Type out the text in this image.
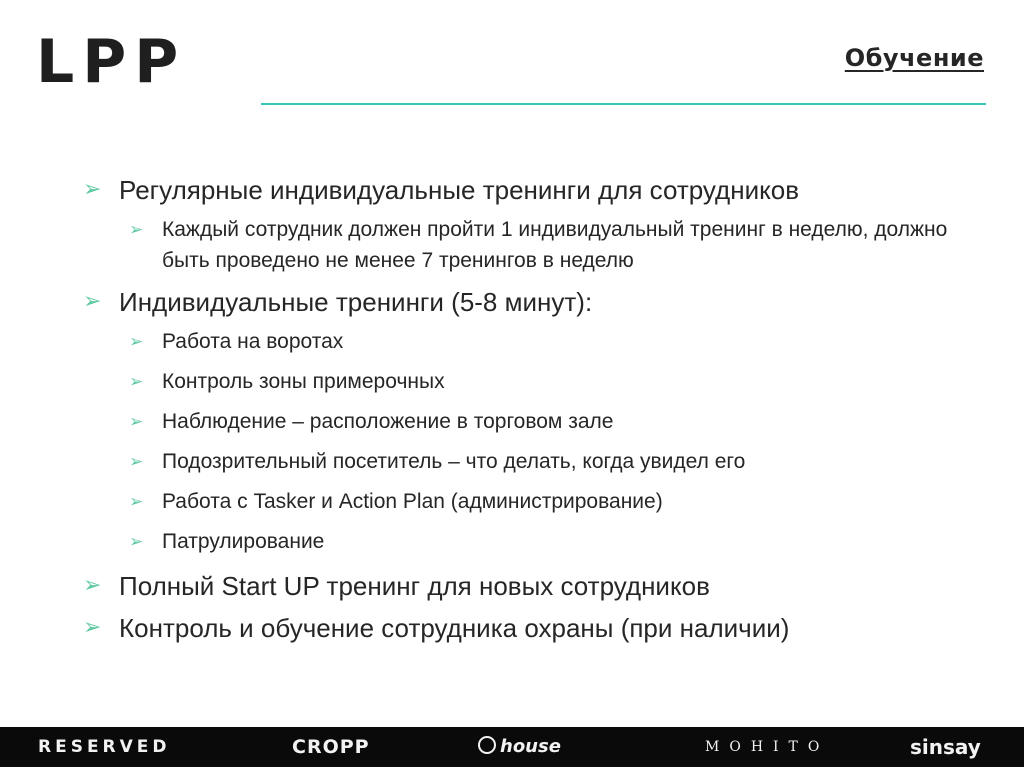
LPP	Обучение
➢ Регулярные индивидуальные тренинги для сотрудников
➢ Каждый сотрудник должен пройти 1 индивидуальный тренинг в неделю, должно быть проведено не менее 7 тренингов в неделю
➢ Индивидуальные тренинги (5-8 минут):
➢ Работа на воротах
➢ Контроль зоны примерочных
➢ Наблюдение – расположение в торговом зале
➢ Подозрительный посетитель – что делать, когда увидел его
➢ Работа с Tasker и Action Plan (администрирование)
➢ Патрулирование
➢ Полный Start UP тренинг для новых сотрудников
➢ Контроль и обучение сотрудника охраны (при наличии)
RESERVED	CROPP	house	MOHITO	sinsay
